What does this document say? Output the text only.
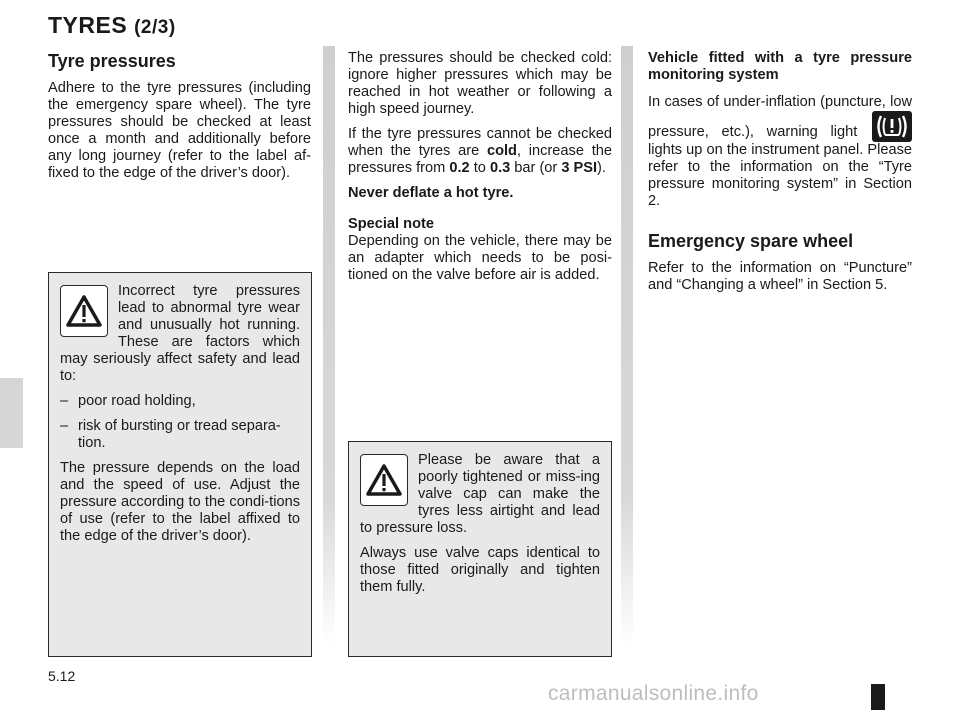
TYRES (2/3)
Tyre pressures

Adhere to the tyre pressures (including the emergency spare wheel). The tyre pressures should be checked at least once a month and additionally before any long journey (refer to the label af-fixed to the edge of the driver’s door).

Incorrect tyre pressures lead to abnormal tyre wear and unusually hot running. These are factors which may seriously affect safety and lead to:

– poor road holding,
– risk of bursting or tread separa-tion.

The pressure depends on the load and the speed of use. Adjust the pressure according to the condi-tions of use (refer to the label affixed to the edge of the driver’s door).

The pressures should be checked cold: ignore higher pressures which may be reached in hot weather or following a high speed journey.

If the tyre pressures cannot be checked when the tyres are cold, increase the pressures from 0.2 to 0.3 bar (or 3 PSI).

Never deflate a hot tyre.

Special note

Depending on the vehicle, there may be an adapter which needs to be posi-tioned on the valve before air is added.

Please be aware that a poorly tightened or miss-ing valve cap can make the tyres less airtight and lead to pressure loss.

Always use valve caps identical to those fitted originally and tighten them fully.

Vehicle fitted with a tyre pressure monitoring system

In cases of under-inflation (puncture, low pressure, etc.), warning light  lights up on the instrument panel. Please refer to the information on the “Tyre pressure monitoring system” in Section 2.

Emergency spare wheel

Refer to the information on “Puncture” and “Changing a wheel” in Section 5.

5.12
carmanualsonline.info
